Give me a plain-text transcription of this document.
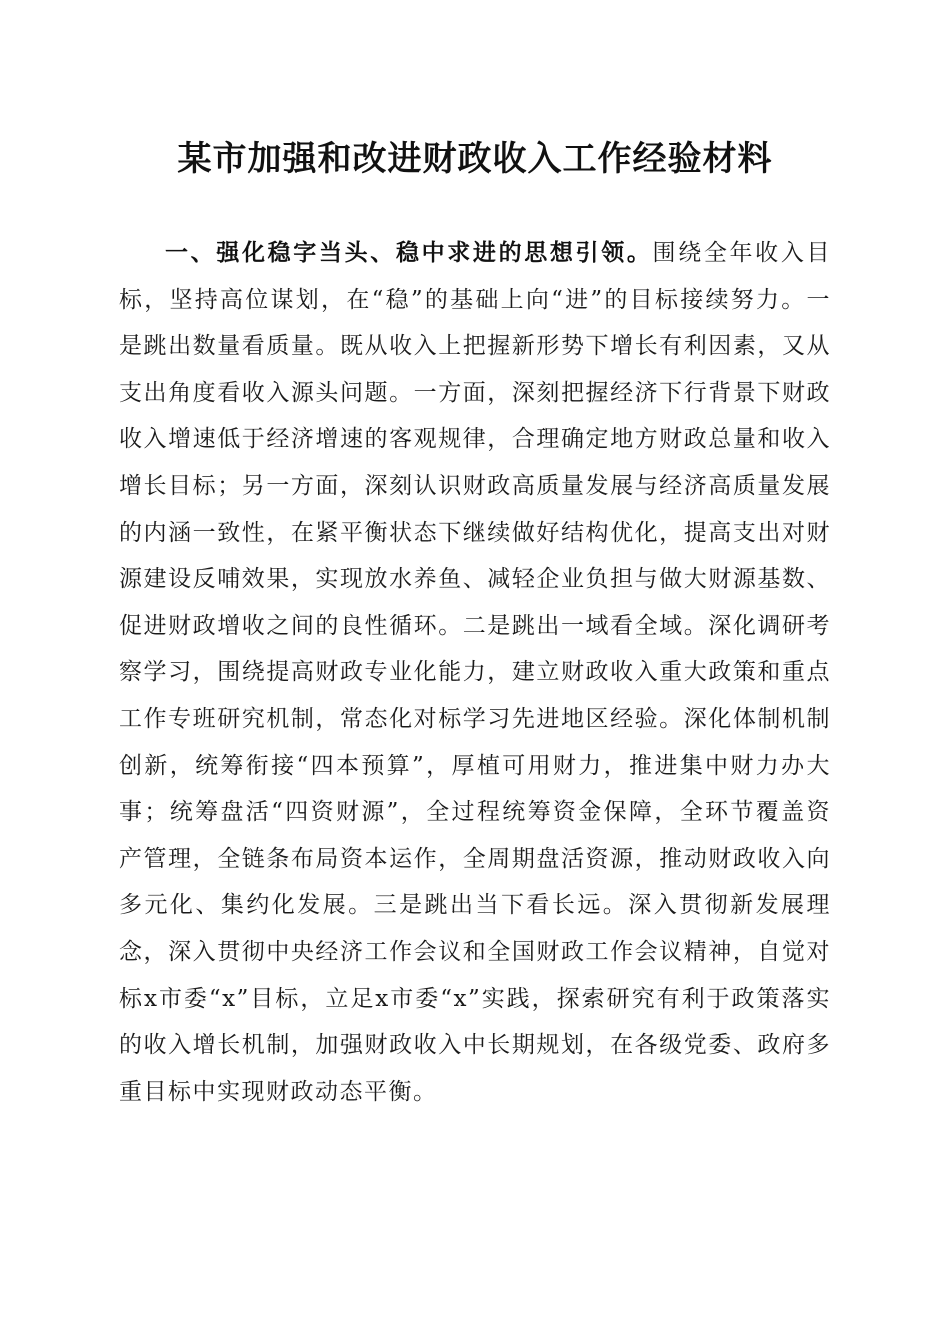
某市加强和改进财政收入工作经验材料

一、强化稳字当头、稳中求进的思想引领。围绕全年收入目标，坚持高位谋划，在“稳”的基础上向“进”的目标接续努力。一是跳出数量看质量。既从收入上把握新形势下增长有利因素，又从支出角度看收入源头问题。一方面，深刻把握经济下行背景下财政收入增速低于经济增速的客观规律，合理确定地方财政总量和收入增长目标；另一方面，深刻认识财政高质量发展与经济高质量发展的内涵一致性，在紧平衡状态下继续做好结构优化，提高支出对财源建设反哺效果，实现放水养鱼、减轻企业负担与做大财源基数、促进财政增收之间的良性循环。二是跳出一域看全域。深化调研考察学习，围绕提高财政专业化能力，建立财政收入重大政策和重点工作专班研究机制，常态化对标学习先进地区经验。深化体制机制创新，统筹衔接“四本预算”，厚植可用财力，推进集中财力办大事；统筹盘活“四资财源”，全过程统筹资金保障，全环节覆盖资产管理，全链条布局资本运作，全周期盘活资源，推动财政收入向多元化、集约化发展。三是跳出当下看长远。深入贯彻新发展理念，深入贯彻中央经济工作会议和全国财政工作会议精神，自觉对标x市委“x”目标，立足x市委“x”实践，探索研究有利于政策落实的收入增长机制，加强财政收入中长期规划，在各级党委、政府多重目标中实现财政动态平衡。
